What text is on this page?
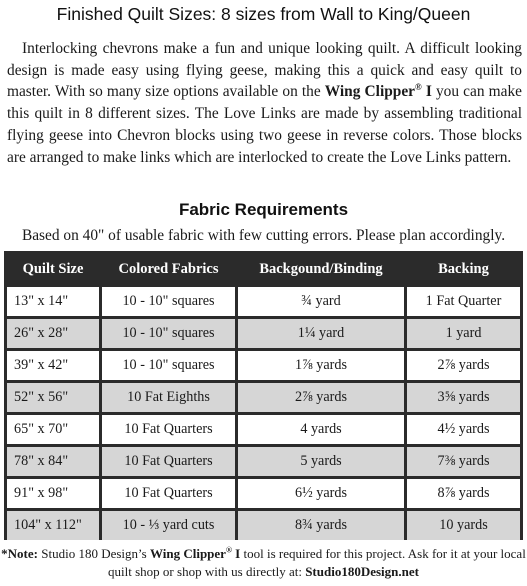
Finished Quilt Sizes: 8 sizes from Wall to King/Queen
Interlocking chevrons make a fun and unique looking quilt. A difficult looking design is made easy using flying geese, making this a quick and easy quilt to master. With so many size options available on the Wing Clipper® I you can make this quilt in 8 different sizes. The Love Links are made by assembling traditional flying geese into Chevron blocks using two geese in reverse colors. Those blocks are arranged to make links which are interlocked to create the Love Links pattern.
Fabric Requirements
Based on 40" of usable fabric with few cutting errors. Please plan accordingly.
Quilt Size	Colored Fabrics	Backgound/Binding	Backing
13" x 14"	10 - 10" squares	¾ yard	1 Fat Quarter
26" x 28"	10 - 10" squares	1¼ yard	1 yard
39" x 42"	10 - 10" squares	1⅞ yards	2⅞ yards
52" x 56"	10 Fat Eighths	2⅞ yards	3⅝ yards
65" x 70"	10 Fat Quarters	4 yards	4½ yards
78" x 84"	10 Fat Quarters	5 yards	7⅜ yards
91" x 98"	10 Fat Quarters	6½ yards	8⅞ yards
104" x 112"	10 - ⅓ yard cuts	8¾ yards	10 yards
*Note: Studio 180 Design’s Wing Clipper® I tool is required for this project. Ask for it at your local quilt shop or shop with us directly at: Studio180Design.net
